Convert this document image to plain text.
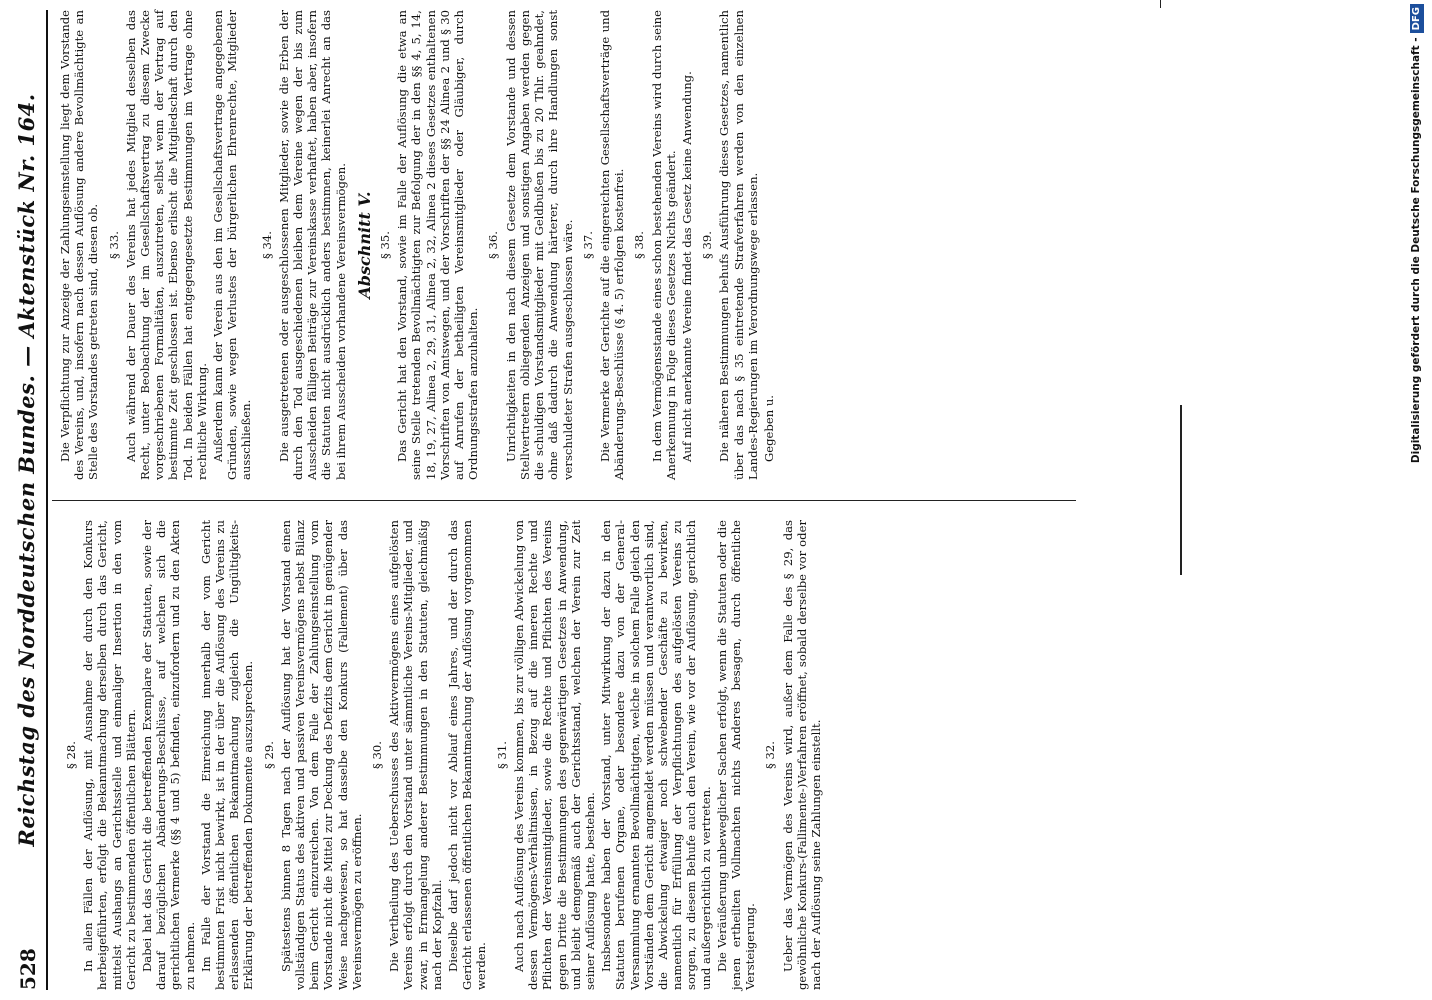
528
Reichstag des Norddeutschen Bundes. — Aktenstück Nr. 164. § 28. In allen Fällen der Auflösung, mit Ausnahme der durch den Konkurs herbeigeführten, erfolgt die Bekanntmachung derselben durch das Gericht, mittelst Aushangs an Gerichtsstelle und einmaliger Insertion in den vom Gericht zu bestimmenden öffentlichen Blättern. Dabei hat das Gericht die betreffenden Exemplare der Statuten, sowie der darauf bezüglichen Abänderungs-Beschlüsse, auf welchen sich die gerichtlichen Vermerke (§§ 4 und 5) befinden, einzufordern und zu den Akten zu nehmen. Im Falle der Vorstand die Einreichung innerhalb der vom Gericht bestimmten Frist nicht bewirkt, ist in der über die Auflösung des Vereins zu erlassenden öffentlichen Bekanntmachung zugleich die Ungültigkeits-Erklärung der betreffenden Dokumente auszusprechen. § 29. Spätestens binnen 8 Tagen nach der Auflösung hat der Vorstand einen vollständigen Status des aktiven und passiven Vereinsvermögens nebst Bilanz beim Gericht einzureichen. Von dem Falle der Zahlungseinstellung vom Vorstande nicht die Mittel zur Deckung des Defizits dem Gericht in genügender Weise nachgewiesen, so hat dasselbe den Konkurs (Fallement) über das Vereinsvermögen zu eröffnen.

§ 30. Die Vertheilung des Ueberschusses des Aktivvermögens eines aufgelösten Vereins erfolgt durch den Vorstand unter sämmtliche Vereins-Mitglieder, und zwar, in Ermangelung anderer Bestimmungen in den Statuten, gleichmäßig nach der Kopfzahl. Dieselbe darf jedoch nicht vor Ablauf eines Jahres, und der durch das Gericht erlassenen öffentlichen Bekanntmachung der Auflösung vorgenommen werden.

§ 31. Auch nach Auflösung des Vereins kommen, bis zur völligen Abwickelung von dessen Vermögens-Verhältnissen, in Bezug auf die inneren Rechte und Pflichten der Vereinsmitglieder, sowie die Rechte und Pflichten des Vereins gegen Dritte die Bestimmungen des gegenwärtigen Gesetzes in Anwendung, und bleibt demgemäß auch der Gerichtsstand, welchen der Verein zur Zeit seiner Auflösung hatte, bestehen. Insbesondere haben der Vorstand, unter Mitwirkung der dazu in den Statuten berufenen Organe, oder besondere dazu von der General-Versammlung ernannten Bevollmächtigten, welche in solchem Falle gleich den Vorständen dem Gericht angemeldet werden müssen und verantwortlich sind, die Abwickelung etwaiger noch schwebender Geschäfte zu bewirken, namentlich für Erfüllung der Verpflichtungen des aufgelösten Vereins zu sorgen, zu diesem Behufe auch den Verein, wie vor der Auflösung, gerichtlich und außergerichtlich zu vertreten. Die Veräußerung unbeweglicher Sachen erfolgt, wenn die Statuten oder die jenen ertheilten Vollmachten nichts Anderes besagen, durch öffentliche Versteigerung.

§ 32. Ueber das Vermögen des Vereins wird, außer dem Falle des § 29, das gewöhnliche Konkurs-(Fallimente-)Verfahren eröffnet, sobald derselbe vor oder nach der Auflösung seine Zahlungen einstellt.

Die Verpflichtung zur Anzeige der Zahlungseinstellung liegt dem Vorstande des Vereins, und, insofern nach dessen Auflösung andere Bevollmächtigte an Stelle des Vorstandes getreten sind, diesen ob. § 33. Auch während der Dauer des Vereins hat jedes Mitglied desselben das Recht, unter Beobachtung der im Gesellschaftsvertrag zu diesem Zwecke vorgeschriebenen Formalitäten, auszutreten, selbst wenn der Vertrag auf bestimmte Zeit geschlossen ist. Ebenso erlischt die Mitgliedschaft durch den Tod. In beiden Fällen hat entgegengesetzte Bestimmungen im Vertrage ohne rechtliche Wirkung. Außerdem kann der Verein aus den im Gesellschaftsvertrage angegebenen Gründen, sowie wegen Verlustes der bürgerlichen Ehrenrechte, Mitglieder ausschließen.

§ 34. Die ausgetretenen oder ausgeschlossenen Mitglieder, sowie die Erben der durch den Tod ausgeschiedenen bleiben dem Vereine wegen der bis zum Ausscheiden fälligen Beiträge zur Vereinskasse verhaftet, haben aber, insofern die Statuten nicht ausdrücklich anders bestimmen, keinerlei Anrecht an das bei ihrem Ausscheiden vorhandene Vereinsvermögen. Abschnitt V. § 35. Das Gericht hat den Vorstand, sowie im Falle der Auflösung die etwa an seine Stelle tretenden Bevollmächtigten zur Befolgung der in den §§ 4, 5, 14, 18, 19, 27, Alinea 2, 29, 31, Alinea 2, 32, Alinea 2 dieses Gesetzes enthaltenen Vorschriften von Amtswegen, und der Vorschriften der §§ 24 Alinea 2 und § 30 auf Anrufen der betheiligten Vereinsmitglieder oder Gläubiger, durch Ordnungsstrafen anzuhalten.

§ 36. Unrichtigkeiten in den nach diesem Gesetze dem Vorstande und dessen Stellvertretern obliegenden Anzeigen und sonstigen Angaben werden gegen die schuldigen Vorstandsmitglieder mit Geldbußen bis zu 20 Thlr. geahndet, ohne daß dadurch die Anwendung härterer, durch ihre Handlungen sonst verschuldeter Strafen ausgeschlossen wäre. § 37. Die Vermerke der Gerichte auf die eingereichten Gesellschaftsverträge und Abänderungs-Beschlüsse (§ 4. 5) erfolgen kostenfrei. § 38. In dem Vermögensstande eines schon bestehenden Vereins wird durch seine Anerkennung in Folge dieses Gesetzes Nichts geändert. Auf nicht anerkannte Vereine findet das Gesetz keine Anwendung. § 39. Die näheren Bestimmungen behufs Ausführung dieses Gesetzes, namentlich über das nach § 35 eintretende Strafverfahren werden von den einzelnen Landes-Regierungen im Verordnungswege erlassen. Gegeben u.	Digitalisierung gefördert durch die Deutsche Forschungsgemeinschaft -DFG
